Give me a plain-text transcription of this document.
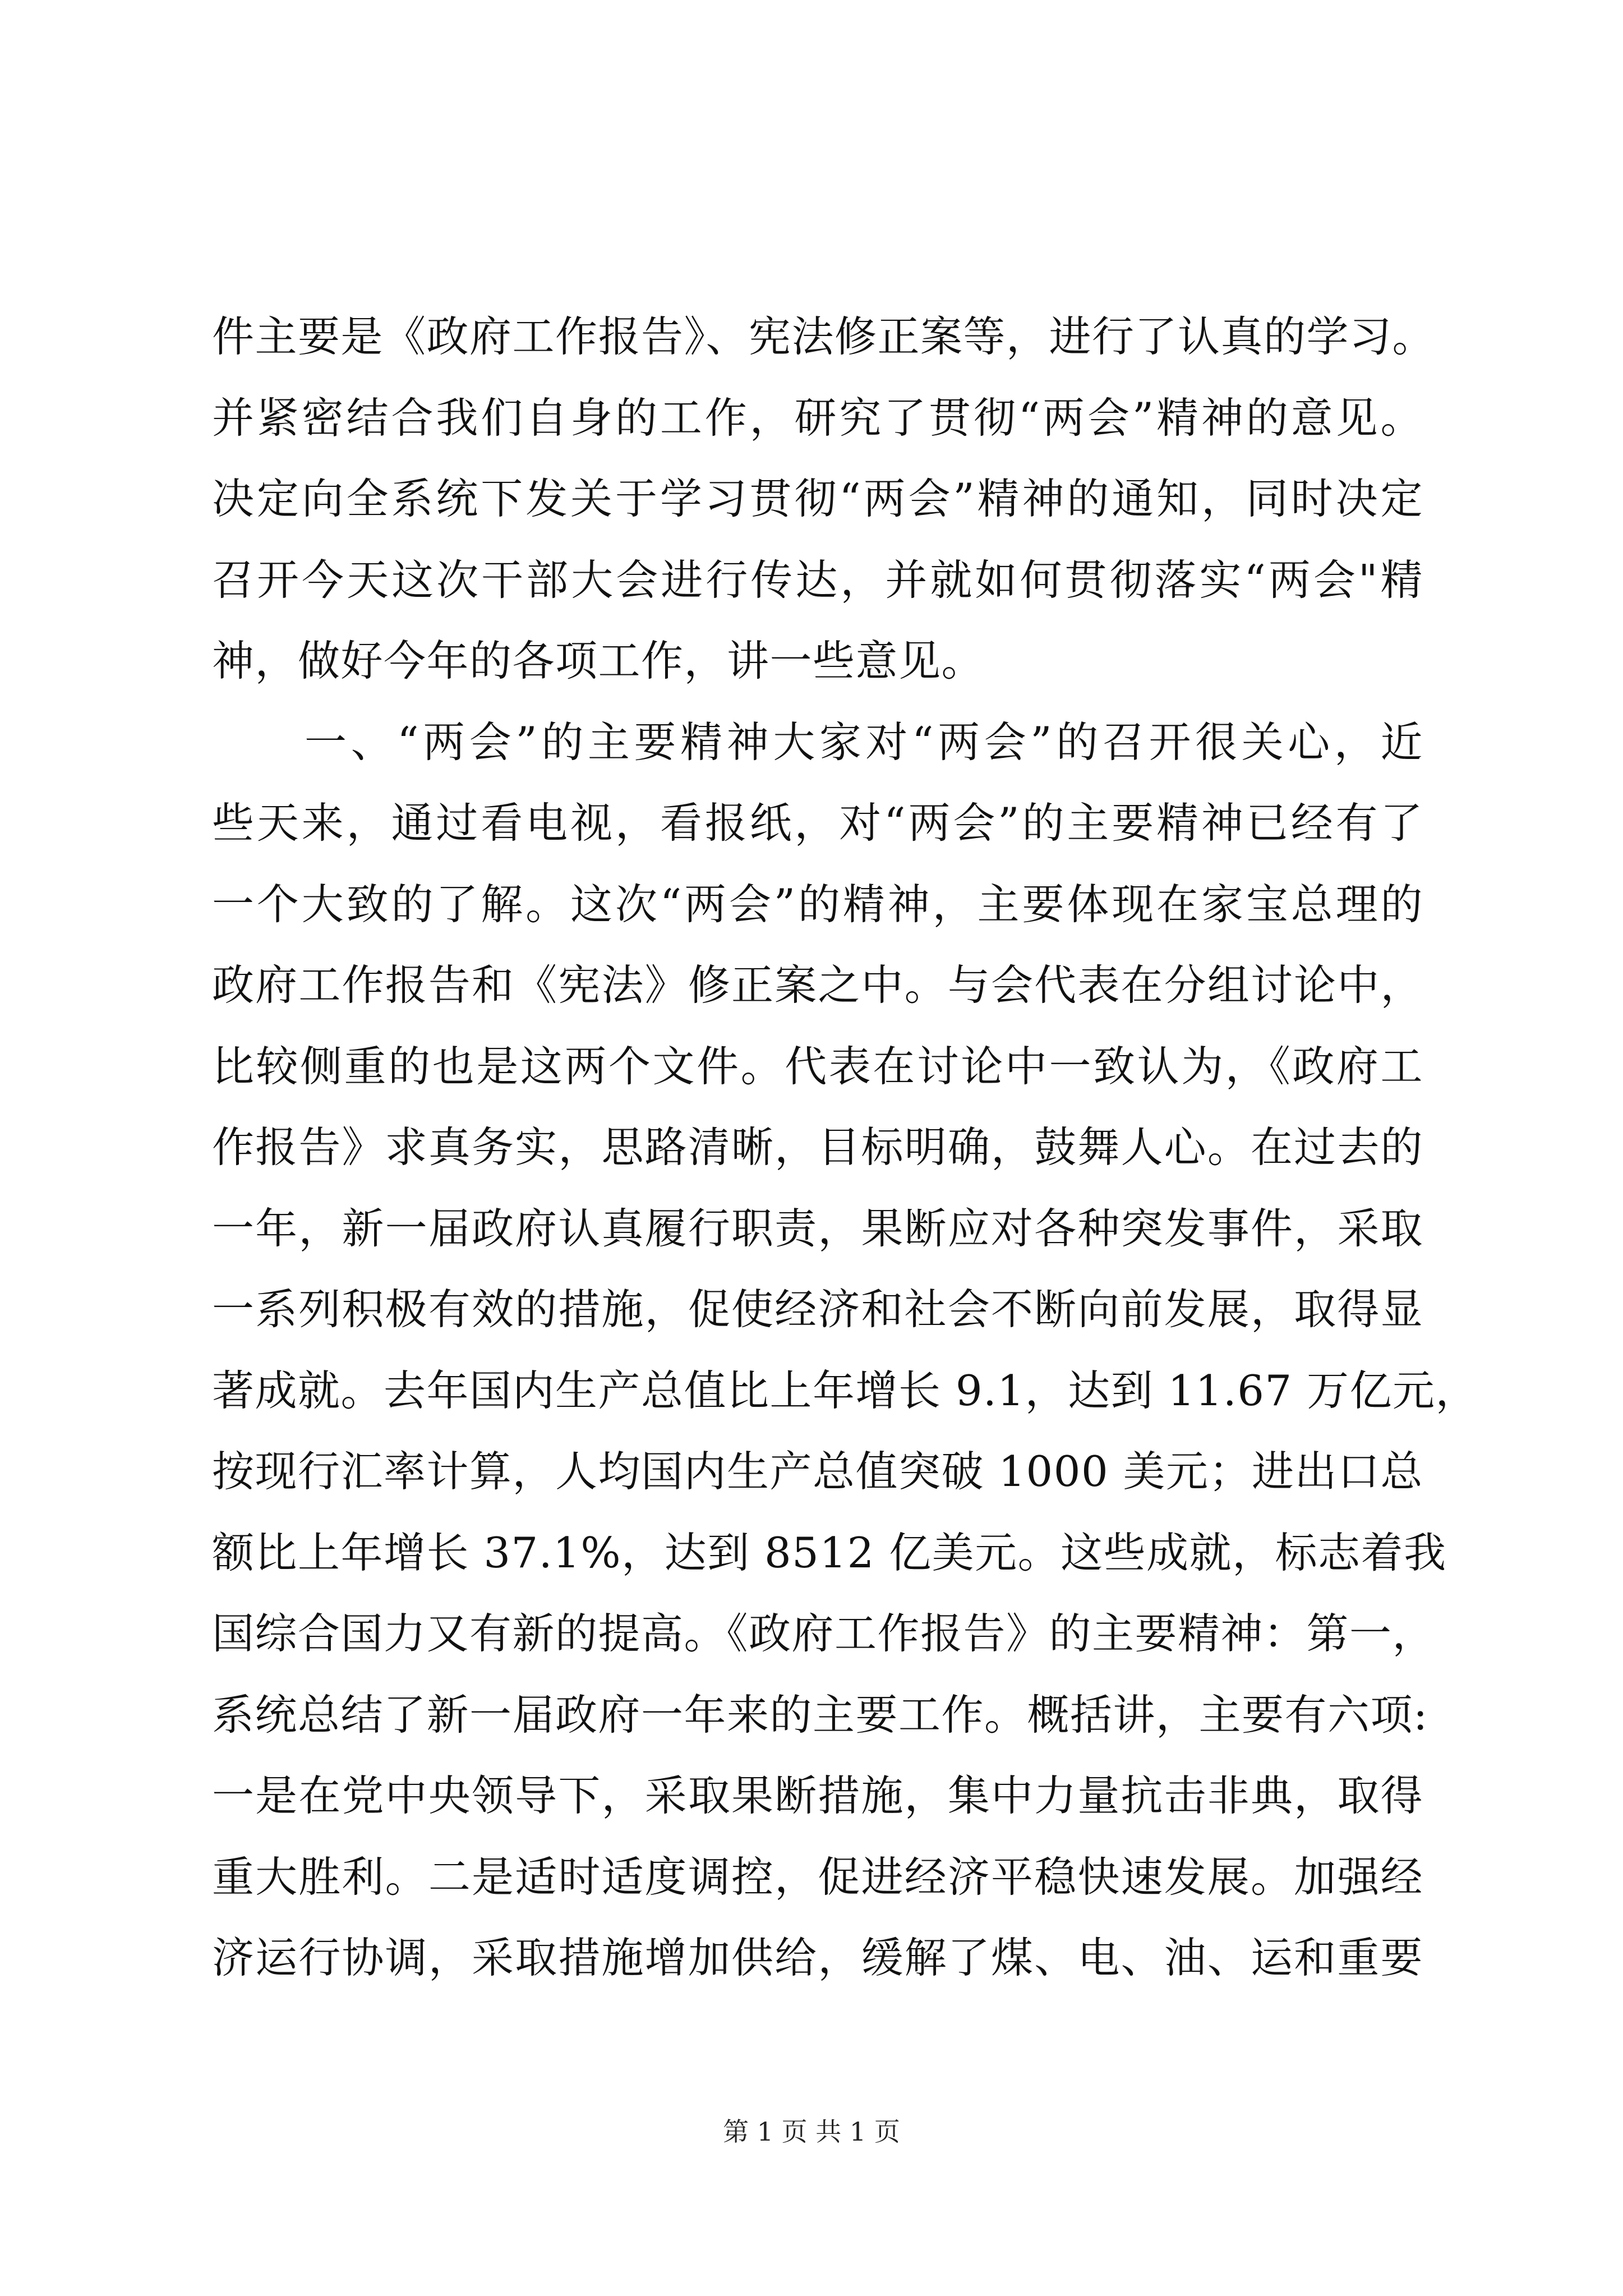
件主要是《政府工作报告》、宪法修正案等，进行了认真的学习。
并紧密结合我们自身的工作，研究了贯彻“两会”精神的意见。
决定向全系统下发关于学习贯彻“两会”精神的通知，同时决定
召开今天这次干部大会进行传达，并就如何贯彻落实“两会"精
神，做好今年的各项工作，讲一些意见。
一、“两会”的主要精神大家对“两会”的召开很关心，近
些天来，通过看电视，看报纸，对“两会”的主要精神已经有了
一个大致的了解。这次“两会”的精神，主要体现在家宝总理的
政府工作报告和《宪法》修正案之中。与会代表在分组讨论中，
比较侧重的也是这两个文件。代表在讨论中一致认为，《政府工
作报告》求真务实，思路清晰，目标明确，鼓舞人心。在过去的
一年，新一届政府认真履行职责，果断应对各种突发事件，采取
一系列积极有效的措施，促使经济和社会不断向前发展，取得显
著成就。去年国内生产总值比上年增长 9.1，达到 11.67 万亿元，
按现行汇率计算，人均国内生产总值突破 1000 美元；进出口总
额比上年增长 37.1%，达到 8512 亿美元。这些成就，标志着我
国综合国力又有新的提高。《政府工作报告》的主要精神：第一，
系统总结了新一届政府一年来的主要工作。概括讲，主要有六项:
一是在党中央领导下，采取果断措施，集中力量抗击非典，取得
重大胜利。二是适时适度调控，促进经济平稳快速发展。加强经
济运行协调，采取措施增加供给，缓解了煤、电、油、运和重要
第 1 页 共 1 页
